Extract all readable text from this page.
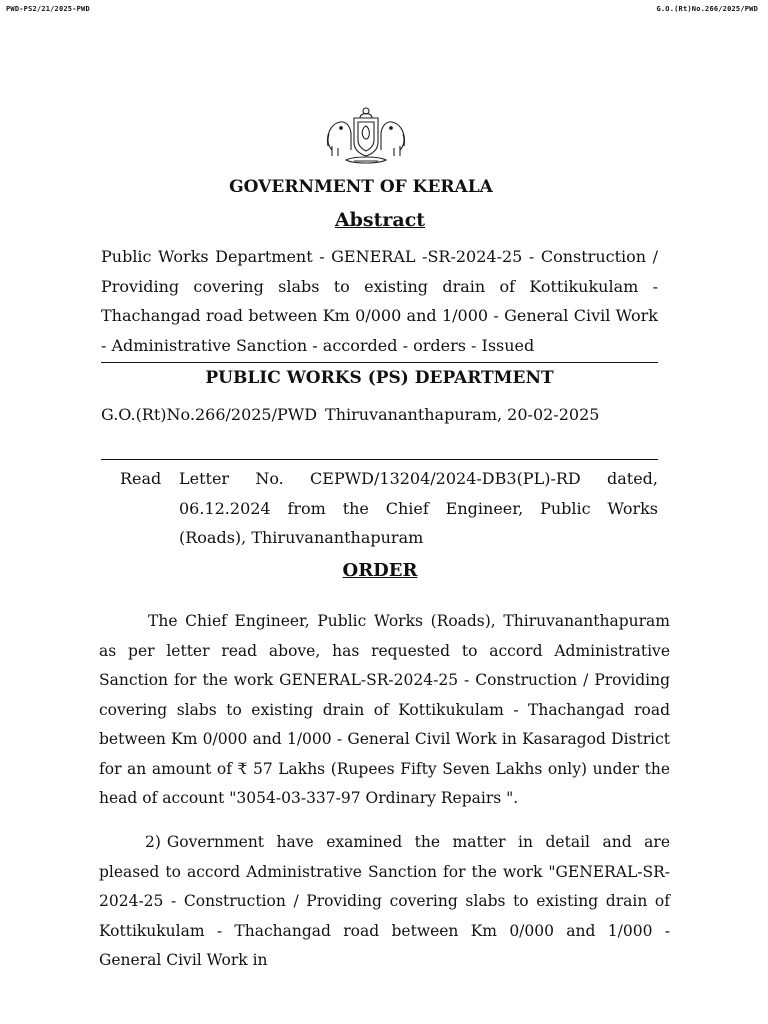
PWD-PS2/21/2025-PWD	G.O.(Rt)No.266/2025/PWD
GOVERNMENT OF KERALA
Abstract
Public Works Department - GENERAL -SR-2024-25 - Construction / Providing covering slabs to existing drain of Kottikukulam - Thachangad road between Km 0/000 and 1/000 - General Civil Work - Administrative Sanction - accorded - orders - Issued
PUBLIC WORKS (PS) DEPARTMENT
G.O.(Rt)No.266/2025/PWD Thiruvananthapuram, 20-02-2025
Read Letter No. CEPWD/13204/2024-DB3(PL)-RD dated, 06.12.2024 from the Chief Engineer, Public Works (Roads), Thiruvananthapuram
ORDER
The Chief Engineer, Public Works (Roads), Thiruvananthapuram as per letter read above, has requested to accord Administrative Sanction for the work GENERAL-SR-2024-25 - Construction / Providing covering slabs to existing drain of Kottikukulam - Thachangad road between Km 0/000 and 1/000 - General Civil Work in Kasaragod District for an amount of ₹ 57 Lakhs (Rupees Fifty Seven Lakhs only) under the head of account "3054-03-337-97 Ordinary Repairs ".
2) Government have examined the matter in detail and are pleased to accord Administrative Sanction for the work "GENERAL-SR-2024-25 - Construction / Providing covering slabs to existing drain of Kottikukulam - Thachangad road between Km 0/000 and 1/000 - General Civil Work in
